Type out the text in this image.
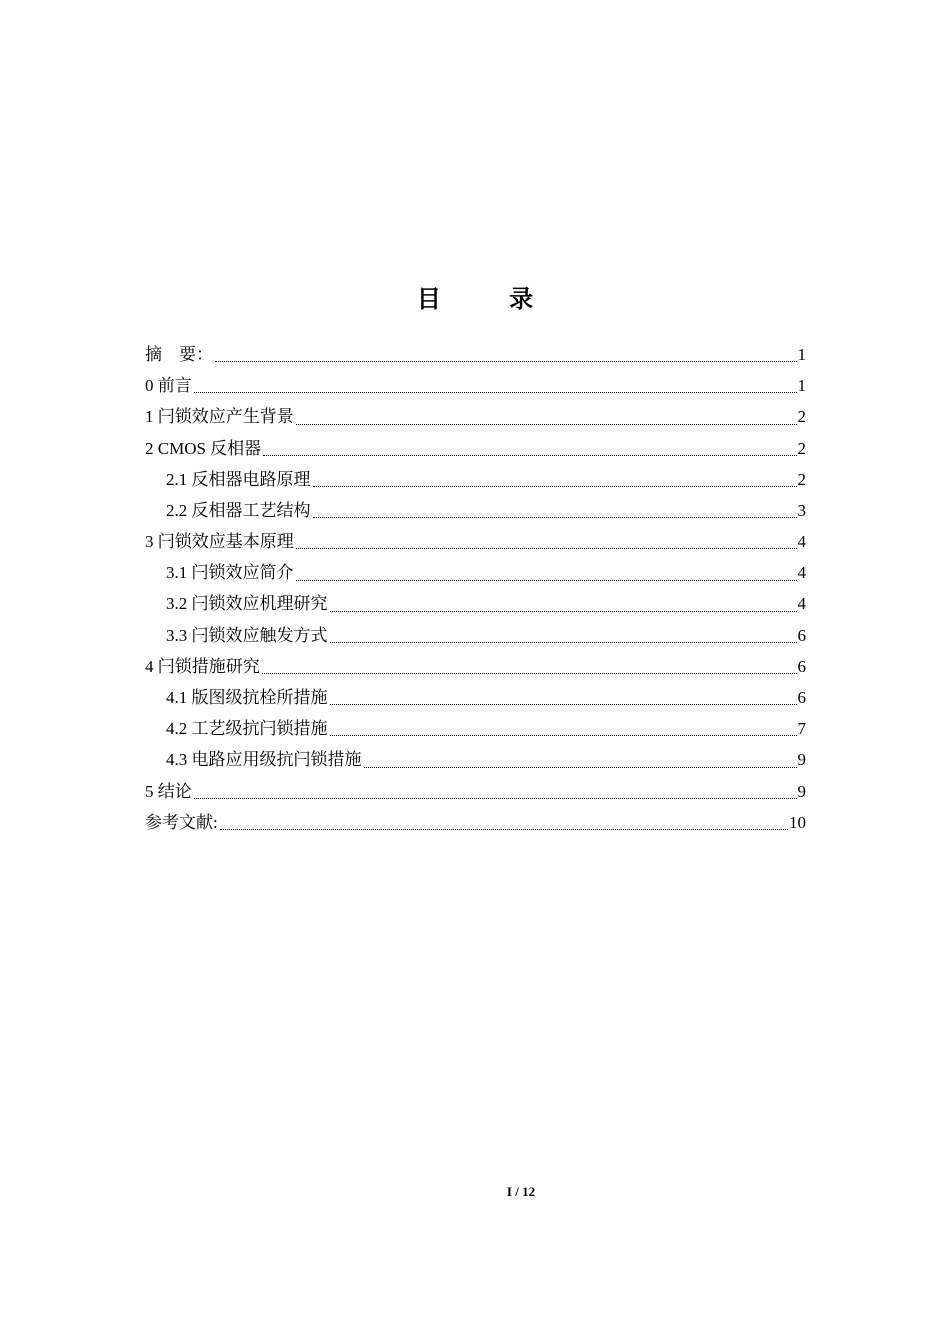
目 录
摘　要：	1
0 前言	1
1 闩锁效应产生背景	2
2 CMOS 反相器	2
2.1 反相器电路原理	2
2.2 反相器工艺结构	3
3 闩锁效应基本原理	4
3.1 闩锁效应简介	4
3.2 闩锁效应机理研究	4
3.3 闩锁效应触发方式	6
4 闩锁措施研究	6
4.1 版图级抗栓所措施	6
4.2 工艺级抗闩锁措施	7
4.3 电路应用级抗闩锁措施	9
5 结论	9
参考文献:	10
I / 12
